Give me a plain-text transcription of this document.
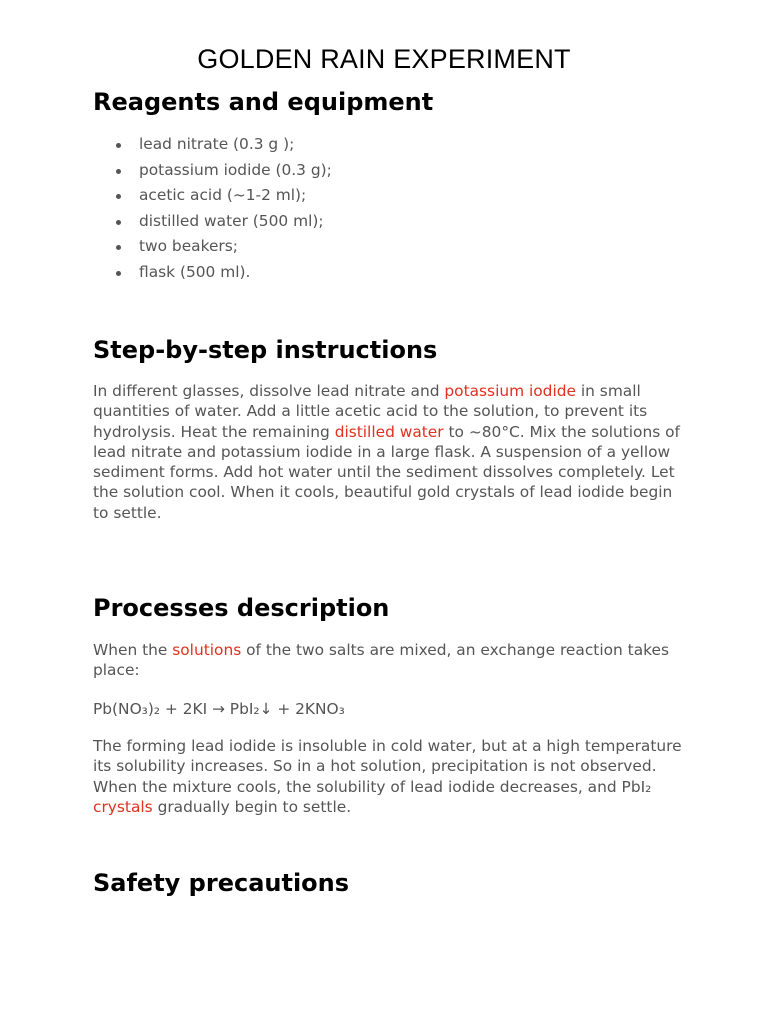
GOLDEN RAIN EXPERIMENT
Reagents and equipment
lead nitrate (0.3 g );
potassium iodide (0.3 g);
acetic acid (~1-2 ml);
distilled water (500 ml);
two beakers;
flask (500 ml).
Step-by-step instructions

In different glasses, dissolve lead nitrate and potassium iodide in small quantities of water. Add a little acetic acid to the solution, to prevent its hydrolysis. Heat the remaining distilled water to ~80°C. Mix the solutions of lead nitrate and potassium iodide in a large flask. A suspension of a yellow sediment forms. Add hot water until the sediment dissolves completely. Let the solution cool. When it cools, beautiful gold crystals of lead iodide begin to settle.

Processes description

When the solutions of the two salts are mixed, an exchange reaction takes place:

Pb(NO₃)₂ + 2KI → PbI₂↓ + 2KNO₃

The forming lead iodide is insoluble in cold water, but at a high temperature its solubility increases. So in a hot solution, precipitation is not observed. When the mixture cools, the solubility of lead iodide decreases, and PbI₂ crystals gradually begin to settle.

Safety precautions
